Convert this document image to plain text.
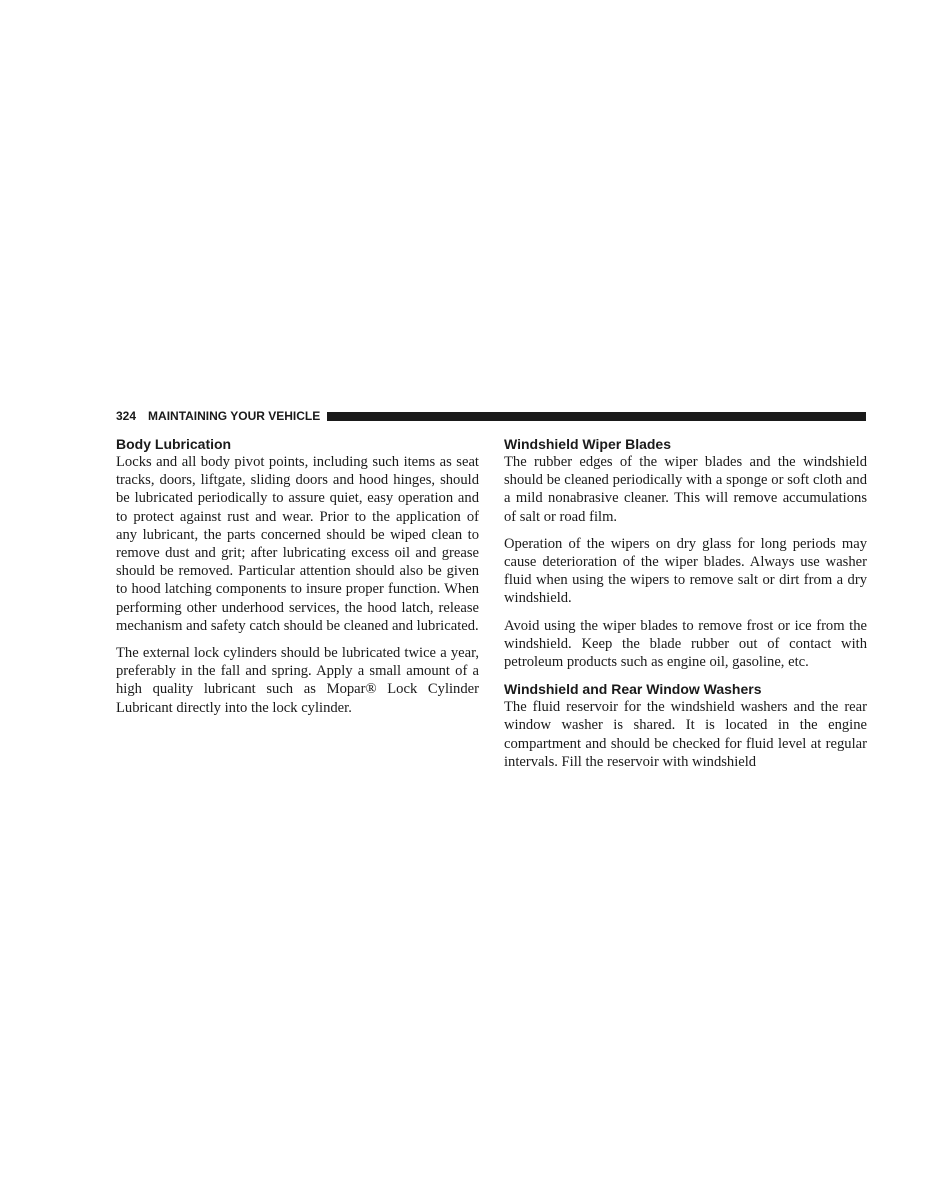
324 MAINTAINING YOUR VEHICLE
Body Lubrication

Locks and all body pivot points, including such items as seat tracks, doors, liftgate, sliding doors and hood hinges, should be lubricated periodically to assure quiet, easy operation and to protect against rust and wear. Prior to the application of any lubricant, the parts concerned should be wiped clean to remove dust and grit; after lubricating excess oil and grease should be removed. Particular attention should also be given to hood latching components to insure proper function. When performing other underhood services, the hood latch, release mechanism and safety catch should be cleaned and lubricated.

The external lock cylinders should be lubricated twice a year, preferably in the fall and spring. Apply a small amount of a high quality lubricant such as Mopar® Lock Cylinder Lubricant directly into the lock cylinder.

Windshield Wiper Blades

The rubber edges of the wiper blades and the windshield should be cleaned periodically with a sponge or soft cloth and a mild nonabrasive cleaner. This will remove accumulations of salt or road film.

Operation of the wipers on dry glass for long periods may cause deterioration of the wiper blades. Always use washer fluid when using the wipers to remove salt or dirt from a dry windshield.

Avoid using the wiper blades to remove frost or ice from the windshield. Keep the blade rubber out of contact with petroleum products such as engine oil, gasoline, etc.

Windshield and Rear Window Washers

The fluid reservoir for the windshield washers and the rear window washer is shared. It is located in the engine compartment and should be checked for fluid level at regular intervals. Fill the reservoir with windshield
